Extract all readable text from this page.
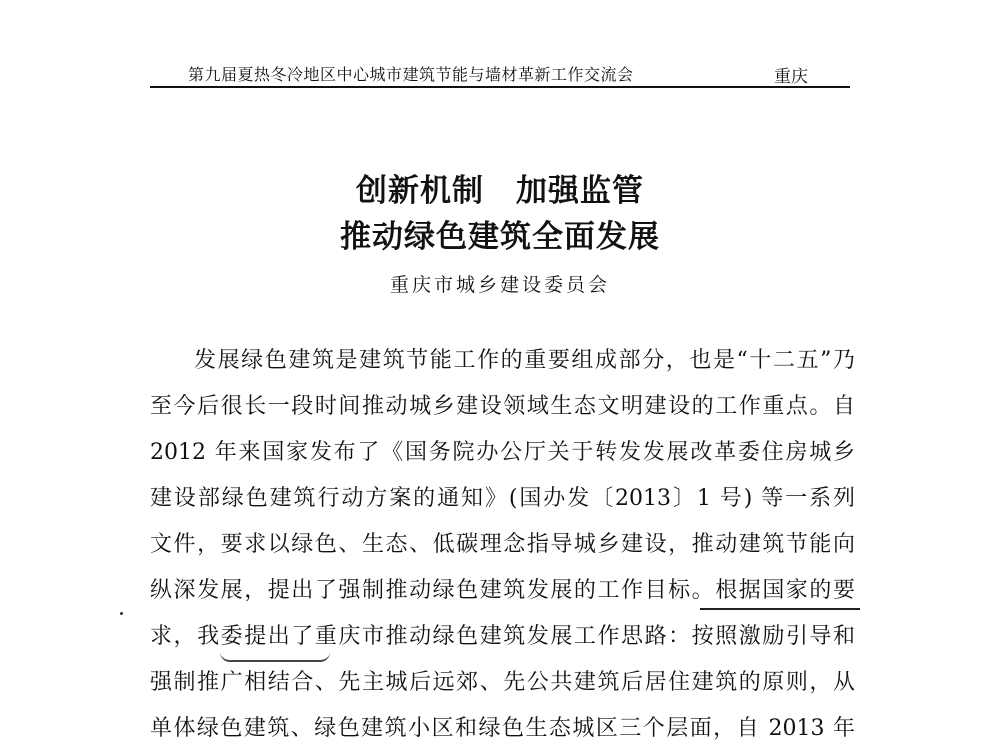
第九届夏热冬冷地区中心城市建筑节能与墙材革新工作交流会	重庆
创新机制　加强监管
推动绿色建筑全面发展
重庆市城乡建设委员会
发展绿色建筑是建筑节能工作的重要组成部分，也是“十二五”乃
至今后很长一段时间推动城乡建设领域生态文明建设的工作重点。自
2012 年来国家发布了《国务院办公厅关于转发发展改革委住房城乡
建设部绿色建筑行动方案的通知》(国办发〔2013〕1 号) 等一系列
文件，要求以绿色、生态、低碳理念指导城乡建设，推动建筑节能向
纵深发展，提出了强制推动绿色建筑发展的工作目标。根据国家的要
求，我委提出了重庆市推动绿色建筑发展工作思路：按照激励引导和
强制推广相结合、先主城后远郊、先公共建筑后居住建筑的原则，从
单体绿色建筑、绿色建筑小区和绿色生态城区三个层面，自 2013 年
